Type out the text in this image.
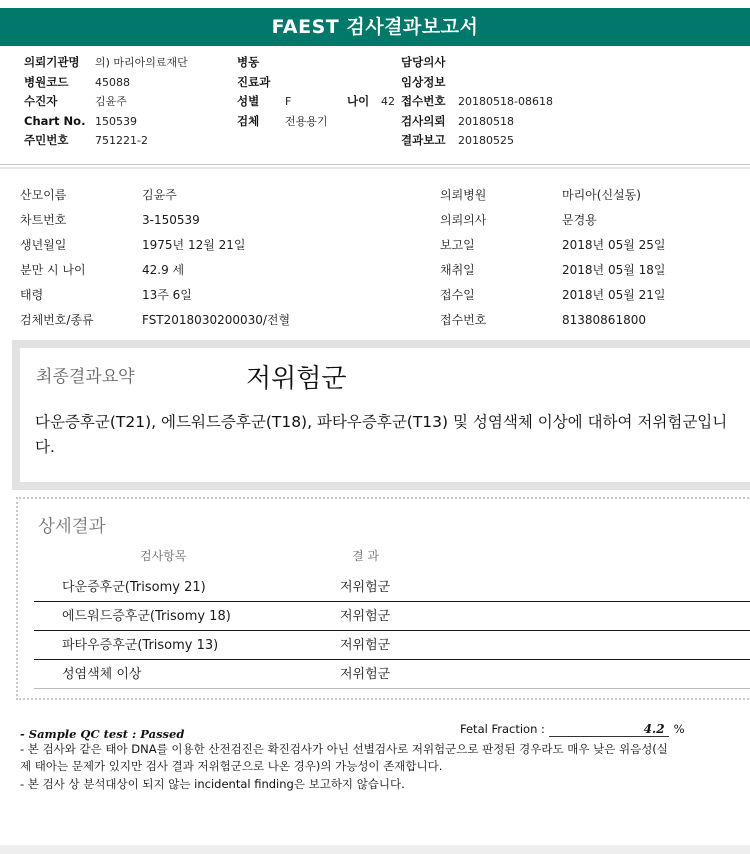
FAEST 검사결과보고서
의뢰기관명 의) 마리아의료재단
병원코드 45088
수진자	김윤주
Chart No. 150539
주민번호 751221-2
병동
진료과
성별 F	나이 42
검체 전용용기
담당의사
임상정보
접수번호 20180518-08618
검사의뢰 20180518
결과보고 20180525
산모이름	김윤주
차트번호	3-150539
생년월일	1975년 12월 21일
분만 시 나이	42.9 세
태령	13주 6일
검체번호/종류	FST2018030200030/전혈
의뢰병원	마리아(신설동)
의뢰의사	문경용
보고일	2018년 05월 25일
채취일	2018년 05월 18일
접수일	2018년 05월 21일
접수번호	81380861800
최종결과요약	저위험군
다운증후군(T21), 에드워드증후군(T18), 파타우증후군(T13) 및 성염색체 이상에 대하여 저위험군입니다.
상세결과
검사항목	결 과
다운증후군(Trisomy 21)	저위험군
에드워드증후군(Trisomy 18)	저위험군
파타우증후군(Trisomy 13)	저위험군
성염색체 이상	저위험군
- Sample QC test : Passed	Fetal Fraction :	4.2 %
- 본 검사와 같은 태아 DNA를 이용한 산전검진은 확진검사가 아닌 선별검사로 저위험군으로 판정된 경우라도 매우 낮은 위음성(실
제 태아는 문제가 있지만 검사 결과 저위험군으로 나온 경우)의 가능성이 존재합니다.
- 본 검사 상 분석대상이 되지 않는 incidental finding은 보고하지 않습니다.
